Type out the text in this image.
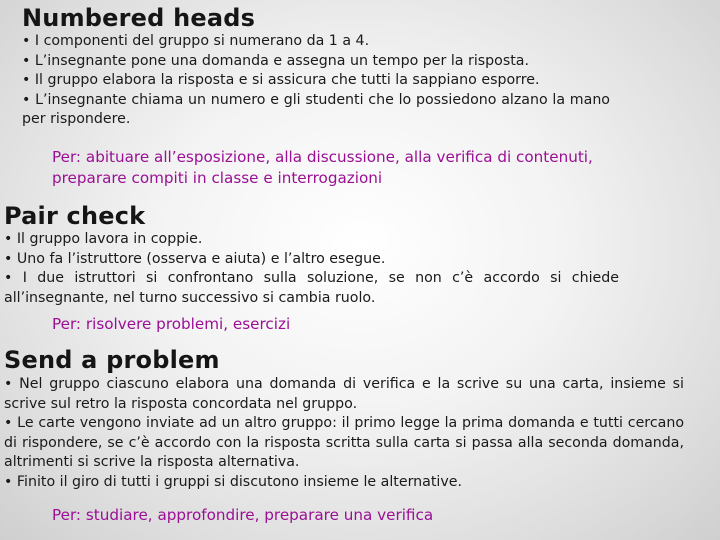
Numbered heads
• I componenti del gruppo si numerano da 1 a 4.
• L’insegnante pone una domanda e assegna un tempo per la risposta.
• Il gruppo elabora la risposta e si assicura che tutti la sappiano esporre.
• L’insegnante chiama un numero e gli studenti che lo possiedono alzano la mano per rispondere.
Per: abituare all’esposizione, alla discussione, alla verifica di contenuti, preparare compiti in classe e interrogazioni
Pair check
• Il gruppo lavora in coppie.
• Uno fa l’istruttore (osserva e aiuta) e l’altro esegue.
• I due istruttori si confrontano sulla soluzione, se non c’è accordo si chiede all’insegnante, nel turno successivo si cambia ruolo.
Per: risolvere problemi, esercizi
Send a problem
• Nel gruppo ciascuno elabora una domanda di verifica e la scrive su una carta, insieme si scrive sul retro la risposta concordata nel gruppo.
• Le carte vengono inviate ad un altro gruppo: il primo legge la prima domanda e tutti cercano di rispondere, se c’è accordo con la risposta scritta sulla carta si passa alla seconda domanda, altrimenti si scrive la risposta alternativa.
• Finito il giro di tutti i gruppi si discutono insieme le alternative.
Per: studiare, approfondire, preparare una verifica
